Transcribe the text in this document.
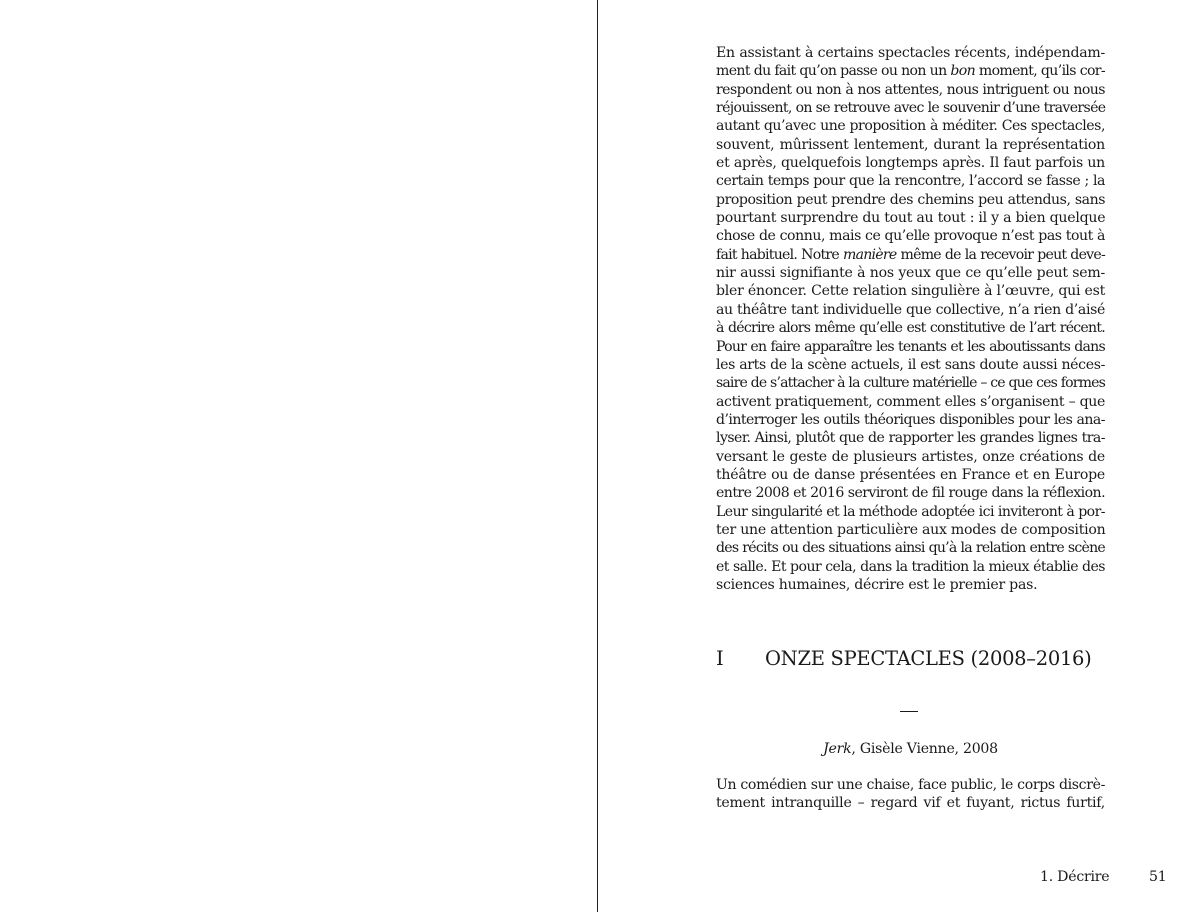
En assistant à certains spectacles récents, indépendam-
ment du fait qu’on passe ou non un bon moment, qu’ils cor-
respondent ou non à nos attentes, nous intriguent ou nous
réjouissent, on se retrouve avec le souvenir d’une traversée
autant qu’avec une proposition à méditer. Ces spectacles,
souvent, mûrissent lentement, durant la représentation
et après, quelquefois longtemps après. Il faut parfois un
certain temps pour que la rencontre, l’accord se fasse ; la
proposition peut prendre des chemins peu attendus, sans
pourtant surprendre du tout au tout : il y a bien quelque
chose de connu, mais ce qu’elle provoque n’est pas tout à
fait habituel. Notre manière même de la recevoir peut deve-
nir aussi signifiante à nos yeux que ce qu’elle peut sem-
bler énoncer. Cette relation singulière à l’œuvre, qui est
au théâtre tant individuelle que collective, n’a rien d’aisé
à décrire alors même qu’elle est constitutive de l’art récent.
Pour en faire apparaître les tenants et les aboutissants dans
les arts de la scène actuels, il est sans doute aussi néces-
saire de s’attacher à la culture matérielle – ce que ces formes
activent pratiquement, comment elles s’organisent – que
d’interroger les outils théoriques disponibles pour les ana-
lyser. Ainsi, plutôt que de rapporter les grandes lignes tra-
versant le geste de plusieurs artistes, onze créations de
théâtre ou de danse présentées en France et en Europe
entre 2008 et 2016 serviront de fil rouge dans la réflexion.
Leur singularité et la méthode adoptée ici inviteront à por-
ter une attention particulière aux modes de composition
des récits ou des situations ainsi qu’à la relation entre scène
et salle. Et pour cela, dans la tradition la mieux établie des
sciences humaines, décrire est le premier pas.
I ONZE SPECTACLES (2008–2016)
Jerk, Gisèle Vienne, 2008
Un comédien sur une chaise, face public, le corps discrè-
tement intranquille – regard vif et fuyant, rictus furtif,
1. Décrire	51
